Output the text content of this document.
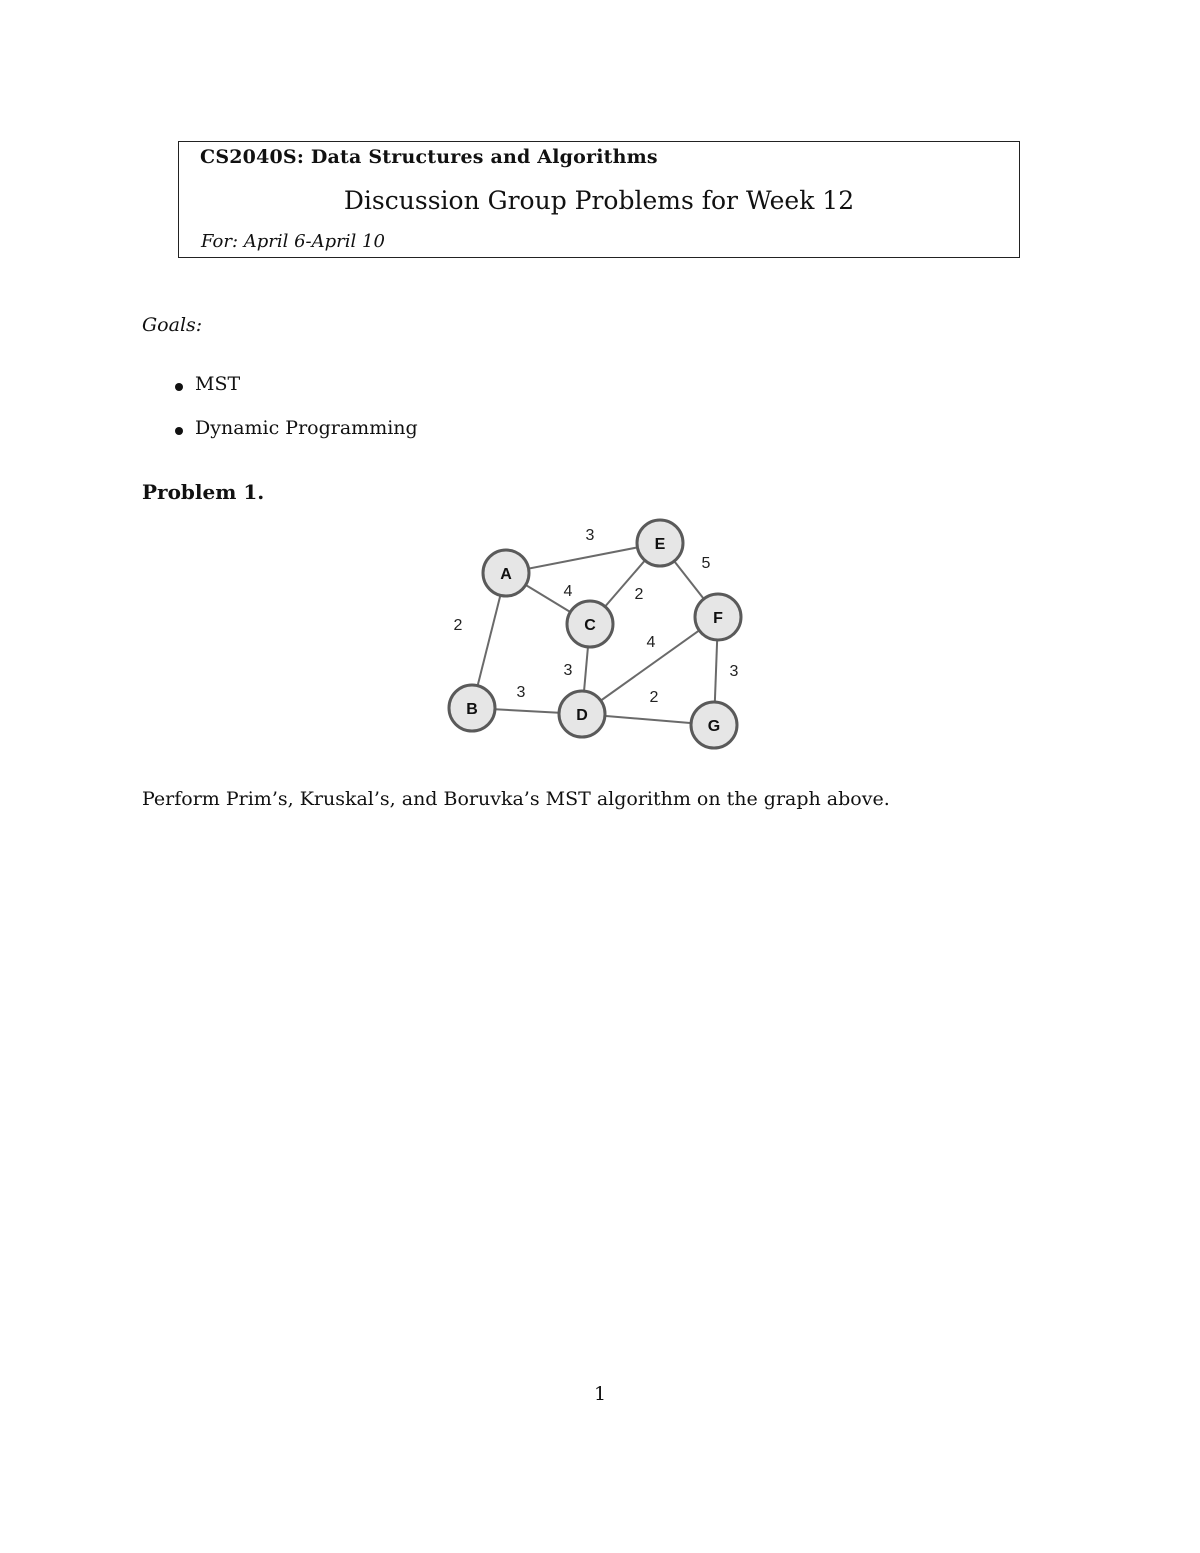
CS2040S: Data Structures and Algorithms
Discussion Group Problems for Week 12
For: April 6-April 10
Goals:
MST
Dynamic Programming
Problem 1.
3
4
2
2
5
3
3
4
2
3
A
E
C	F
B	D
G
Perform Prim’s, Kruskal’s, and Boruvka’s MST algorithm on the graph above.
1
